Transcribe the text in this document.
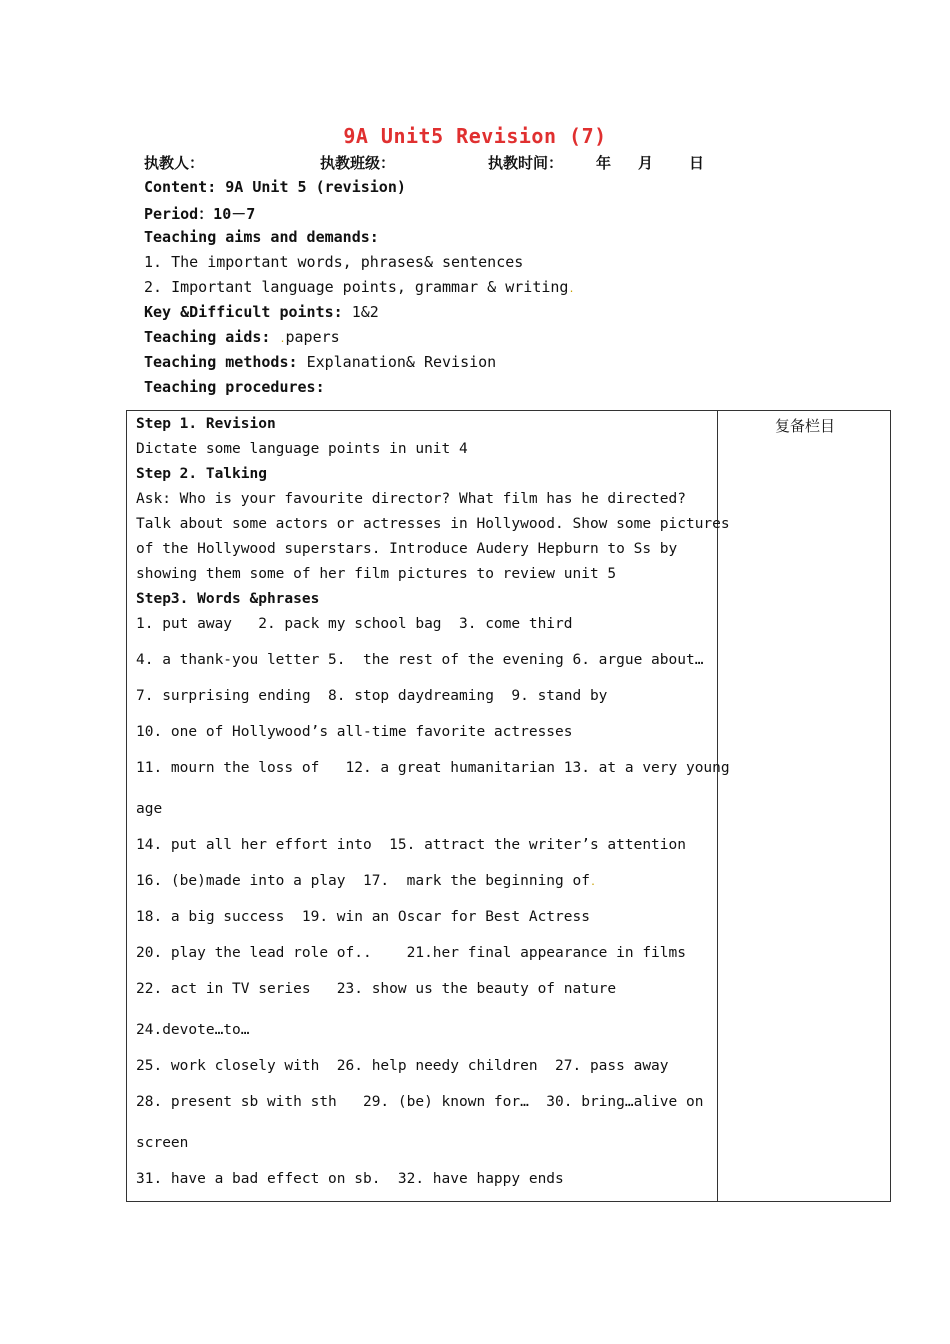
9A Unit5 Revision (7)
执教人：	执教班级：	执教时间： 年 月 日
Content: 9A Unit 5 (revision)
Period：10－7
Teaching aims and demands:
1. The important words, phrases& sentences
2. Important language points, grammar & writing.
Key &Difficult points: 1&2
Teaching aids: .papers
Teaching methods: Explanation& Revision
Teaching procedures:
复备栏目
Step 1. Revision
Dictate some language points in unit 4
Step 2. Talking
Ask: Who is your favourite director? What film has he directed?
Talk about some actors or actresses in Hollywood. Show some pictures
of the Hollywood superstars. Introduce Audery Hepburn to Ss by
showing them some of her film pictures to review unit 5
Step3. Words &phrases
1. put away   2. pack my school bag  3. come third
4. a thank-you letter 5.  the rest of the evening 6. argue about…
7. surprising ending  8. stop daydreaming  9. stand by
10. one of Hollywood’s all-time favorite actresses
11. mourn the loss of   12. a great humanitarian 13. at a very young
age
14. put all her effort into  15. attract the writer’s attention
16. (be)made into a play  17.  mark the beginning of.
18. a big success  19. win an Oscar for Best Actress
20. play the lead role of..    21.her final appearance in films
22. act in TV series   23. show us the beauty of nature
24.devote…to…
25. work closely with  26. help needy children  27. pass away
28. present sb with sth   29. (be) known for…  30. bring…alive on
screen
31. have a bad effect on sb.  32. have happy ends
